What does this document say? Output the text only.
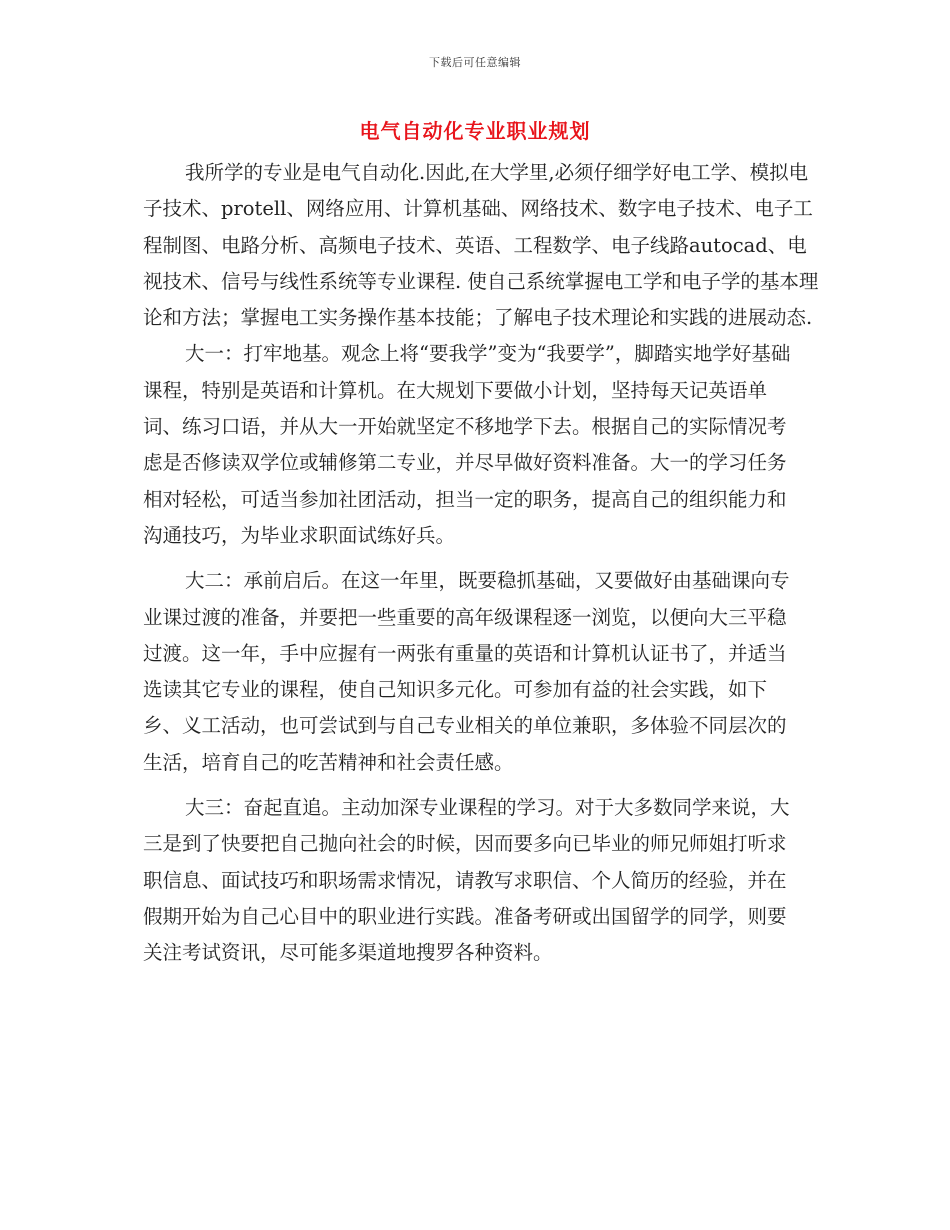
下载后可任意编辑
电气自动化专业职业规划

我所学的专业是电气自动化.因此,在大学里,必须仔细学好电工学、模拟电子技术、protell、网络应用、计算机基础、网络技术、数字电子技术、电子工程制图、电路分析、高频电子技术、英语、工程数学、电子线路autocad、电视技术、信号与线性系统等专业课程. 使自己系统掌握电工学和电子学的基本理论和方法；掌握电工实务操作基本技能；了解电子技术理论和实践的进展动态.

大一：打牢地基。观念上将“要我学”变为“我要学”，脚踏实地学好基础课程，特别是英语和计算机。在大规划下要做小计划，坚持每天记英语单词、练习口语，并从大一开始就坚定不移地学下去。根据自己的实际情况考虑是否修读双学位或辅修第二专业，并尽早做好资料准备。大一的学习任务相对轻松，可适当参加社团活动，担当一定的职务，提高自己的组织能力和沟通技巧，为毕业求职面试练好兵。

大二：承前启后。在这一年里，既要稳抓基础，又要做好由基础课向专业课过渡的准备，并要把一些重要的高年级课程逐一浏览，以便向大三平稳过渡。这一年，手中应握有一两张有重量的英语和计算机认证书了，并适当选读其它专业的课程，使自己知识多元化。可参加有益的社会实践，如下乡、义工活动，也可尝试到与自己专业相关的单位兼职，多体验不同层次的生活，培育自己的吃苦精神和社会责任感。

大三：奋起直追。主动加深专业课程的学习。对于大多数同学来说，大三是到了快要把自己抛向社会的时候，因而要多向已毕业的师兄师姐打听求职信息、面试技巧和职场需求情况，请教写求职信、个人简历的经验，并在假期开始为自己心目中的职业进行实践。准备考研或出国留学的同学，则要关注考试资讯，尽可能多渠道地搜罗各种资料。
